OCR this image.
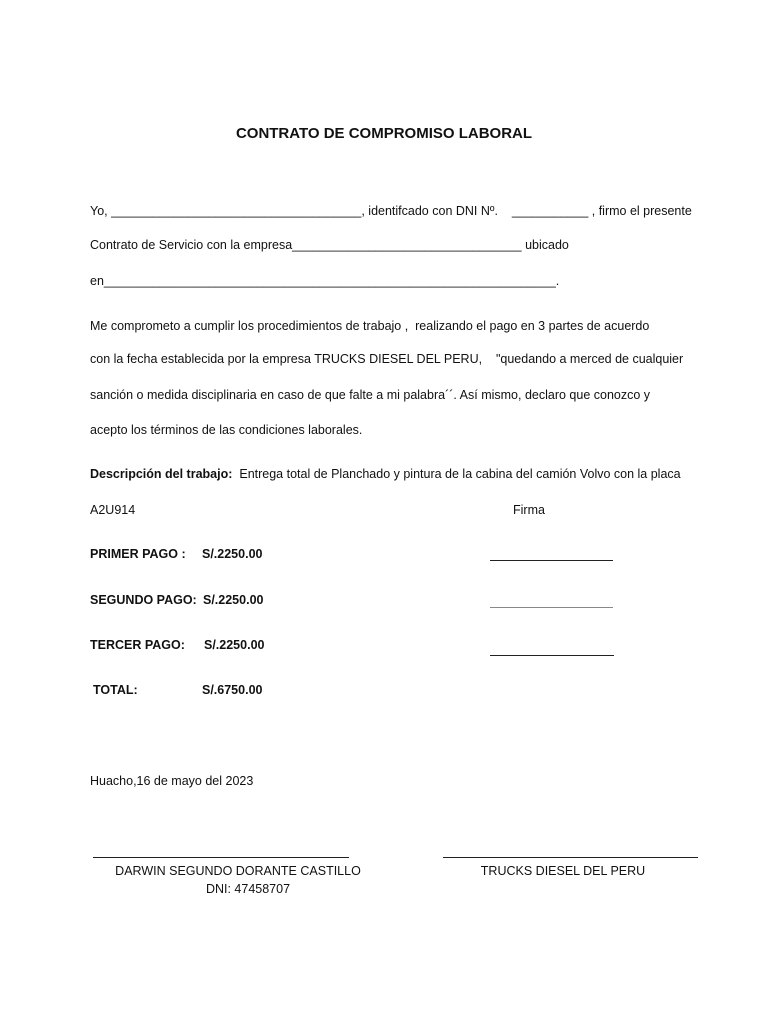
CONTRATO DE COMPROMISO LABORAL
Yo, ____________________________________, identifcado con DNI Nº.    ___________ , firmo el presente
Contrato de Servicio con la empresa_________________________________ ubicado
en_________________________________________________________________.
Me comprometo a cumplir los procedimientos de trabajo ,  realizando el pago en 3 partes de acuerdo
con la fecha establecida por la empresa TRUCKS DIESEL DEL PERU,    "quedando a merced de cualquier
sanción o medida disciplinaria en caso de que falte a mi palabra´´. Así mismo, declaro que conozco y
acepto los términos de las condiciones laborales.
Descripción del trabajo:  Entrega total de Planchado y pintura de la cabina del camión Volvo con la placa
A2U914	Firma
PRIMER PAGO : S/.2250.00
SEGUNDO PAGO: S/.2250.00
TERCER PAGO: S/.2250.00
TOTAL:	S/.6750.00
Huacho,16 de mayo del 2023
DARWIN SEGUNDO DORANTE CASTILLO
DNI: 47458707
TRUCKS DIESEL DEL PERU
